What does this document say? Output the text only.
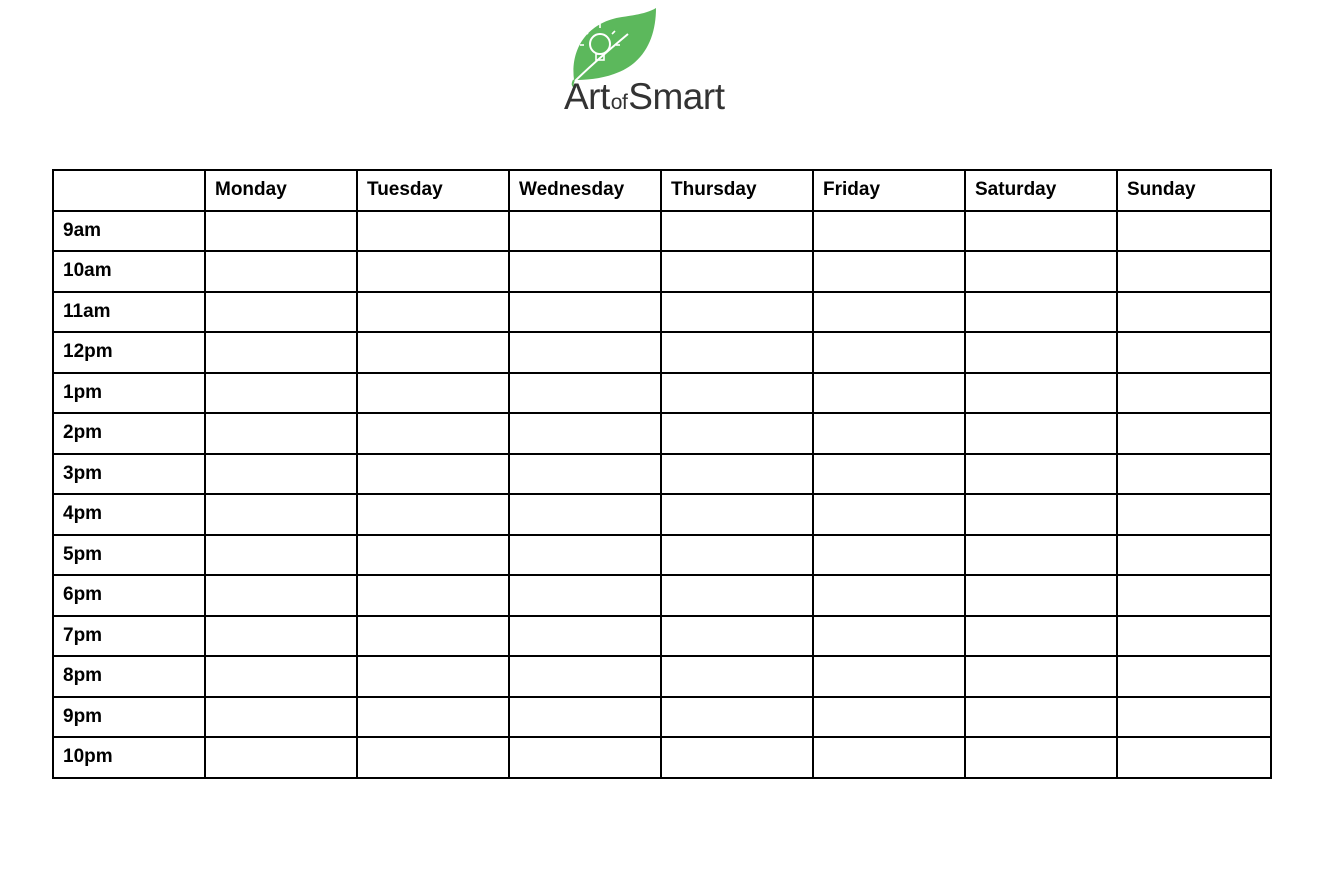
ArtofSmart
	Monday	Tuesday	Wednesday	Thursday	Friday	Saturday	Sunday
9am							
10am							
11am							
12pm							
1pm							
2pm							
3pm							
4pm							
5pm							
6pm							
7pm							
8pm							
9pm							
10pm							
